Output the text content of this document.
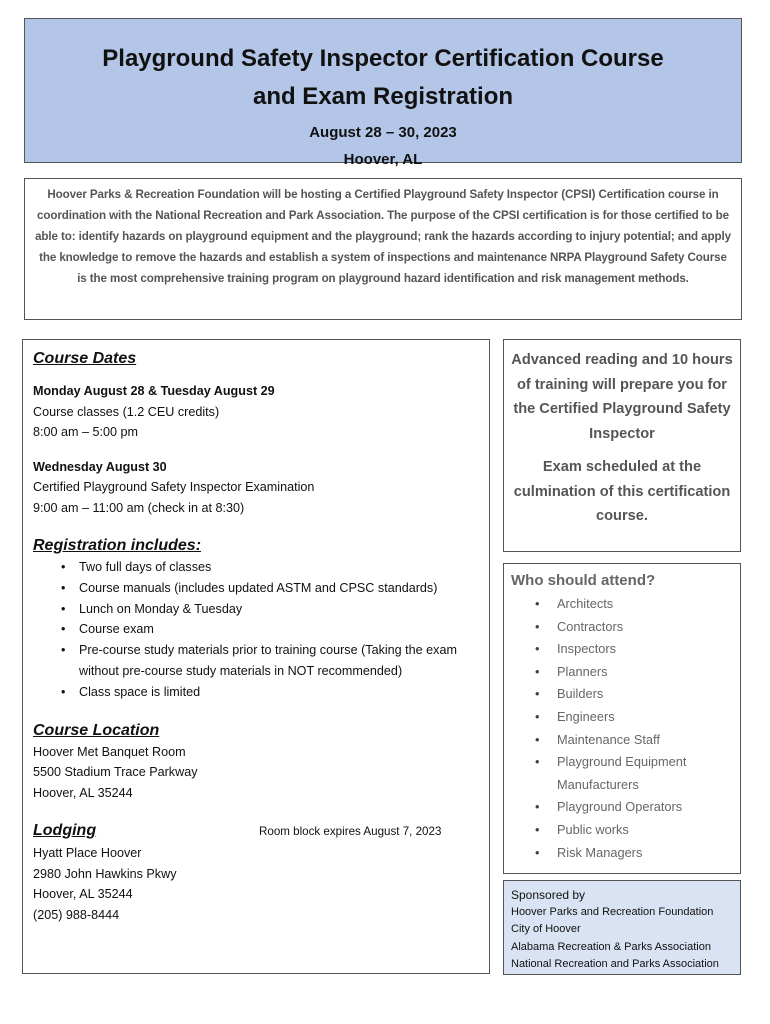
Playground Safety Inspector Certification Course
and Exam Registration
August 28 – 30, 2023
Hoover, AL
Hoover Parks & Recreation Foundation will be hosting a Certified Playground Safety Inspector (CPSI) Certification course in coordination with the National Recreation and Park Association. The purpose of the CPSI certification is for those certified to be able to: identify hazards on playground equipment and the playground; rank the hazards according to injury potential; and apply the knowledge to remove the hazards and establish a system of inspections and maintenance NRPA Playground Safety Course is the most comprehensive training program on playground hazard identification and risk management methods.
Course Dates
Monday August 28 & Tuesday August 29
Course classes (1.2 CEU credits)
8:00 am – 5:00 pm
Wednesday August 30
Certified Playground Safety Inspector Examination
9:00 am – 11:00 am (check in at 8:30)
Registration includes:
• Two full days of classes
• Course manuals (includes updated ASTM and CPSC standards)
• Lunch on Monday & Tuesday
• Course exam
• Pre-course study materials prior to training course (Taking the exam without pre-course study materials in NOT recommended)
• Class space is limited
Course Location
Hoover Met Banquet Room
5500 Stadium Trace Parkway
Hoover, AL 35244
Lodging	Room block expires August 7, 2023
Hyatt Place Hoover
2980 John Hawkins Pkwy
Hoover, AL 35244
(205) 988-8444
Advanced reading and 10 hours of training will prepare you for the Certified Playground Safety Inspector
Exam scheduled at the culmination of this certification course.
Who should attend?
• Architects
• Contractors
• Inspectors
• Planners
• Builders
• Engineers
• Maintenance Staff
• Playground Equipment Manufacturers
• Playground Operators
• Public works
• Risk Managers
Sponsored by
Hoover Parks and Recreation Foundation
City of Hoover
Alabama Recreation & Parks Association
National Recreation and Parks Association
